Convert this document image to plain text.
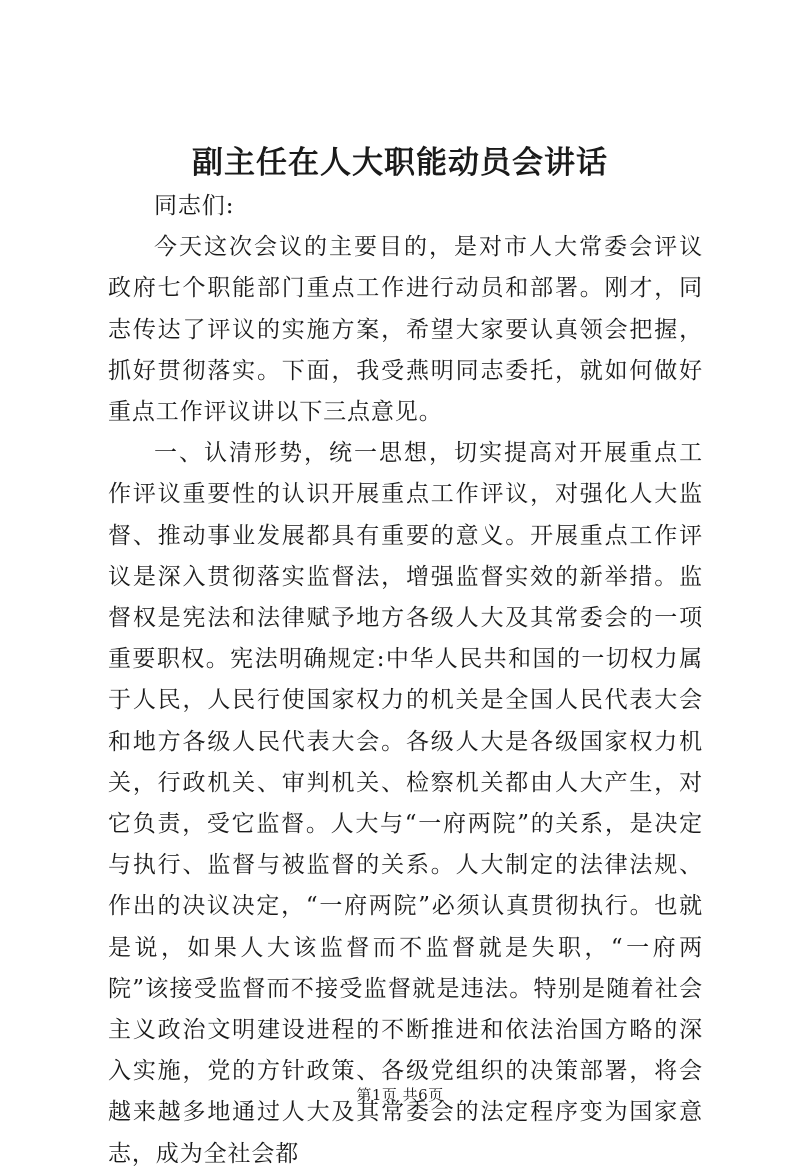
副主任在人大职能动员会讲话

同志们:

今天这次会议的主要目的，是对市人大常委会评议政府七个职能部门重点工作进行动员和部署。刚才，同志传达了评议的实施方案，希望大家要认真领会把握，抓好贯彻落实。下面，我受燕明同志委托，就如何做好重点工作评议讲以下三点意见。

一、认清形势，统一思想，切实提高对开展重点工作评议重要性的认识开展重点工作评议，对强化人大监督、推动事业发展都具有重要的意义。开展重点工作评议是深入贯彻落实监督法，增强监督实效的新举措。监督权是宪法和法律赋予地方各级人大及其常委会的一项重要职权。宪法明确规定:中华人民共和国的一切权力属于人民，人民行使国家权力的机关是全国人民代表大会和地方各级人民代表大会。各级人大是各级国家权力机关，行政机关、审判机关、检察机关都由人大产生，对它负责，受它监督。人大与“一府两院”的关系，是决定与执行、监督与被监督的关系。人大制定的法律法规、作出的决议决定，“一府两院”必须认真贯彻执行。也就是说，如果人大该监督而不监督就是失职，“一府两院”该接受监督而不接受监督就是违法。特别是随着社会主义政治文明建设进程的不断推进和依法治国方略的深入实施，党的方针政策、各级党组织的决策部署，将会越来越多地通过人大及其常委会的法定程序变为国家意志，成为全社会都

第1页 共6页
